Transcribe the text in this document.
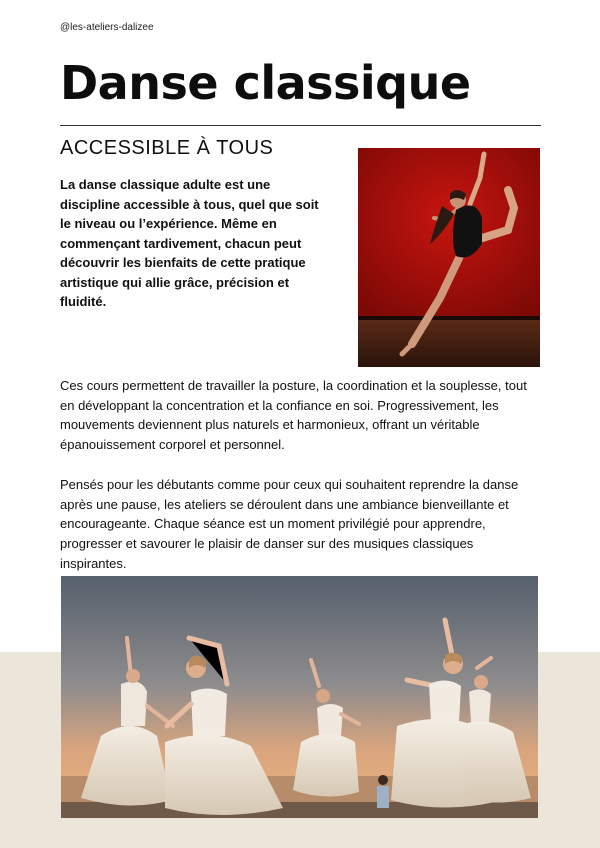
@les-ateliers-dalizee
Danse classique
ACCESSIBLE À TOUS

La danse classique adulte est une discipline accessible à tous, quel que soit le niveau ou l’expérience. Même en commençant tardivement, chacun peut découvrir les bienfaits de cette pratique artistique qui allie grâce, précision et fluidité.

Ces cours permettent de travailler la posture, la coordination et la souplesse, tout en développant la concentration et la confiance en soi. Progressivement, les mouvements deviennent plus naturels et harmonieux, offrant un véritable épanouissement corporel et personnel.

Pensés pour les débutants comme pour ceux qui souhaitent reprendre la danse après une pause, les ateliers se déroulent dans une ambiance bienveillante et encourageante. Chaque séance est un moment privilégié pour apprendre, progresser et savourer le plaisir de danser sur des musiques classiques inspirantes.
